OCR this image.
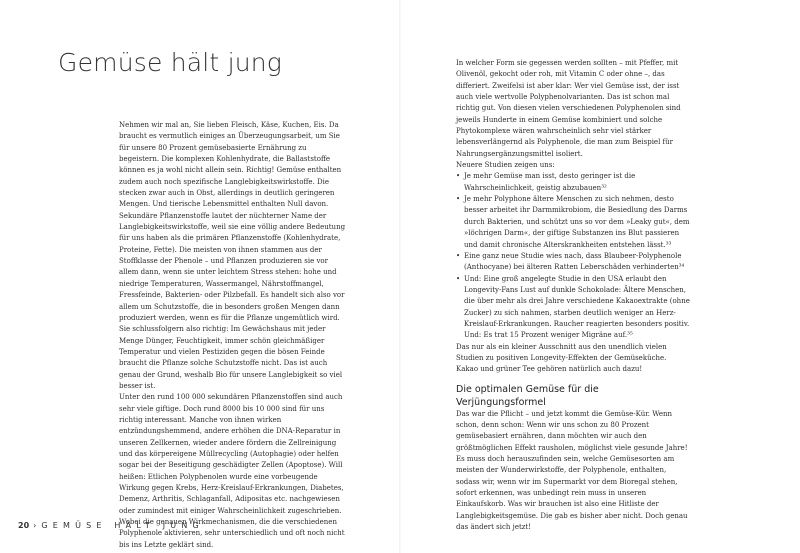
Gemüse hält jung

Nehmen wir mal an, Sie lieben Fleisch, Käse, Kuchen, Eis. Da braucht es vermutlich einiges an Überzeugungsarbeit, um Sie für unsere 80 Prozent gemüsebasierte Ernährung zu begeistern. Die komplexen Kohlenhydrate, die Ballaststoffe können es ja wohl nicht allein sein. Richtig! Gemüse enthalten zudem auch noch spezifische Langlebigkeitswirkstoffe. Die stecken zwar auch in Obst, allerdings in deutlich geringeren Mengen. Und tierische Lebensmittel enthalten Null davon.

Sekundäre Pflanzenstoffe lautet der nüchterner Name der Langlebigkeitswirkstoffe, weil sie eine völlig andere Bedeutung für uns haben als die primären Pflanzenstoffe (Kohlenhydrate, Proteine, Fette). Die meisten von ihnen stammen aus der Stoffklasse der Phenole – und Pflanzen produzieren sie vor allem dann, wenn sie unter leichtem Stress stehen: hohe und niedrige Temperaturen, Wassermangel, Nährstoffmangel, Fressfeinde, Bakterien- oder Pilzbefall. Es handelt sich also vor allem um Schutzstoffe, die in besonders großen Mengen dann produziert werden, wenn es für die Pflanze ungemütlich wird. Sie schlussfolgern also richtig: Im Gewächshaus mit jeder Menge Dünger, Feuchtigkeit, immer schön gleichmäßiger Temperatur und vielen Pestiziden gegen die bösen Feinde braucht die Pflanze solche Schutzstoffe nicht. Das ist auch genau der Grund, weshalb Bio für unsere Langlebigkeit so viel besser ist.

Unter den rund 100 000 sekundären Pflanzenstoffen sind auch sehr viele giftige. Doch rund 8000 bis 10 000 sind für uns richtig interessant. Manche von ihnen wirken entzündungshemmend, andere erhöhen die DNA-Reparatur in unseren Zellkernen, wieder andere fördern die Zellreinigung und das körpereigene Müllrecycling (Autophagie) oder helfen sogar bei der Beseitigung geschädigter Zellen (Apoptose). Will heißen: Etlichen Polyphenolen wurde eine vorbeugende Wirkung gegen Krebs, Herz-Kreislauf-Erkrankungen, Diabetes, Demenz, Arthritis, Schlaganfall, Adipositas etc. nachgewiesen oder zumindest mit einiger Wahrscheinlichkeit zugeschrieben. Wobei die genauen Wirkmechanismen, die die verschiedenen Polyphenole aktivieren, sehr unterschiedlich und oft noch nicht bis ins Letzte geklärt sind.

In welcher Form sie gegessen werden sollten – mit Pfeffer, mit Olivenöl, gekocht oder roh, mit Vitamin C oder ohne –, das differiert. Zweifelsi ist aber klar: Wer viel Gemüse isst, der isst auch viele wertvolle Polyphenolvarianten. Das ist schon mal richtig gut. Von diesen vielen verschiedenen Polyphenolen sind jeweils Hunderte in einem Gemüse kombiniert und solche Phytokomplexe wären wahrscheinlich sehr viel stärker lebensverlängernd als Polyphenole, die man zum Beispiel für Nahrungsergänzungsmittel isoliert.

Neuere Studien zeigen uns:

• Je mehr Gemüse man isst, desto geringer ist die Wahrscheinlichkeit, geistig abzubauen³²
• Je mehr Polyphone ältere Menschen zu sich nehmen, desto besser arbeitet ihr Darmmikrobiom, die Besiedlung des Darms durch Bakterien, und schützt uns so vor dem »Leaky gut«, dem »löchrigen Darm«, der giftige Substanzen ins Blut passieren und damit chronische Alterskrankheiten entstehen lässt.³³
• Eine ganz neue Studie wies nach, dass Blaubeer-Polyphenole (Anthocyane) bei älteren Ratten Leberschäden verhinderten³⁴
• Und: Eine groß angelegte Studie in den USA erlaubt den Longevity-Fans Lust auf dunkle Schokolade: Ältere Menschen, die über mehr als drei Jahre verschiedene Kakaoextrakte (ohne Zucker) zu sich nahmen, starben deutlich weniger an Herz-Kreislauf-Erkrankungen. Raucher reagierten besonders positiv. Und: Es trat 15 Prozent weniger Migräne auf.³⁵

Das nur als ein kleiner Ausschnitt aus den unendlich vielen Studien zu positiven Longevity-Effekten der Gemüseküche. Kakao und grüner Tee gehören natürlich auch dazu!

Die optimalen Gemüse für die Verjüngungsformel

Das war die Pflicht – und jetzt kommt die Gemüse-Kür. Wenn schon, denn schon: Wenn wir uns schon zu 80 Prozent gemüsebasiert ernähren, dann möchten wir auch den größtmöglichen Effekt rausholen, möglichst viele gesunde Jahre! Es muss doch herauszufinden sein, welche Gemüsesorten am meisten der Wunderwirkstoffe, der Polyphenole, enthalten, sodass wir, wenn wir im Supermarkt vor dem Bioregal stehen, sofort erkennen, was unbedingt rein muss in unseren Einkaufskorb. Was wir brauchen ist also eine Hitliste der Langlebigkeitsgemüse. Die gab es bisher aber nicht. Doch genau das ändert sich jetzt!

20 › GEMÜSE HÄLT JUNG
